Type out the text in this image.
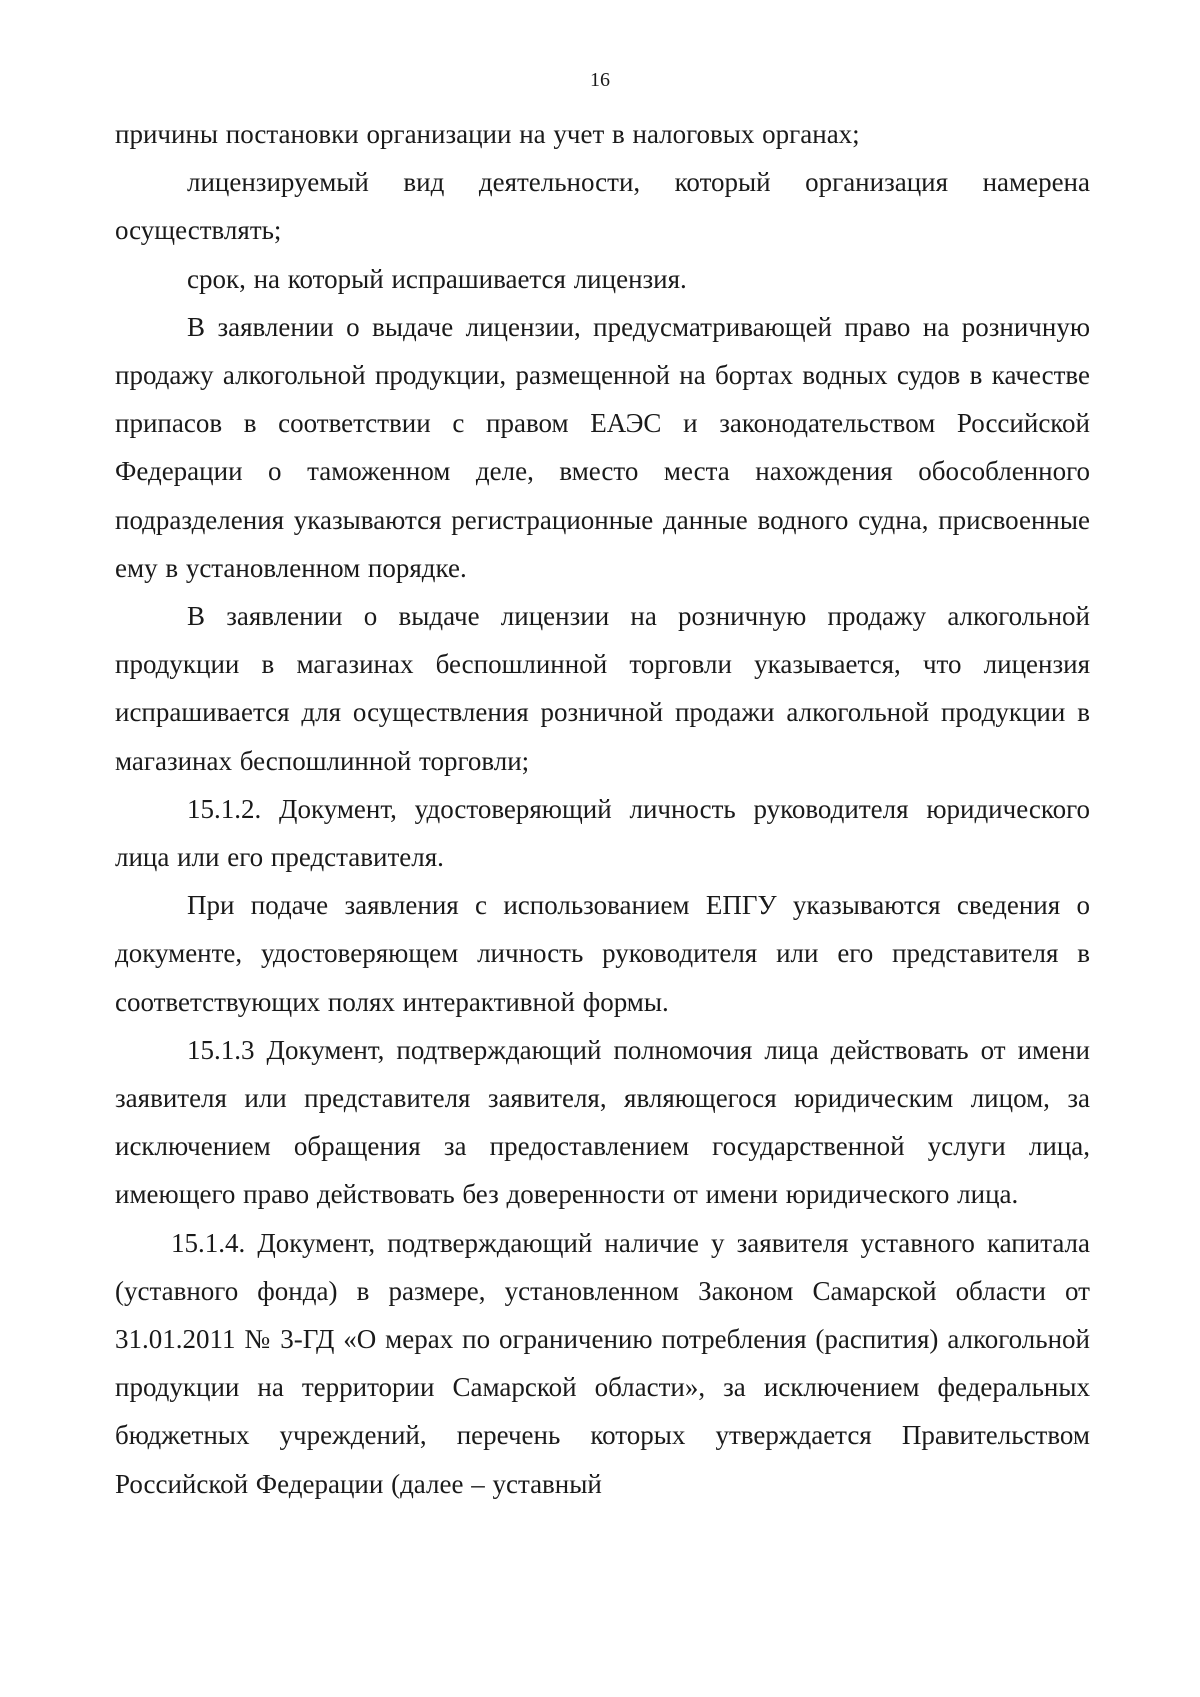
16

причины постановки организации на учет в налоговых органах;

лицензируемый вид деятельности, который организация намерена осуществлять;

срок, на который испрашивается лицензия.

В заявлении о выдаче лицензии, предусматривающей право на розничную продажу алкогольной продукции, размещенной на бортах водных судов в качестве припасов в соответствии с правом ЕАЭС и законодательством Российской Федерации о таможенном деле, вместо места нахождения обособленного подразделения указываются регистрационные данные водного судна, присвоенные ему в установленном порядке.

В заявлении о выдаче лицензии на розничную продажу алкогольной продукции в магазинах беспошлинной торговли указывается, что лицензия испрашивается для осуществления розничной продажи алкогольной продукции в магазинах беспошлинной торговли;

15.1.2. Документ, удостоверяющий личность руководителя юридического лица или его представителя.

При подаче заявления с использованием ЕПГУ указываются сведения о документе, удостоверяющем личность руководителя или его представителя в соответствующих полях интерактивной формы.

15.1.3 Документ, подтверждающий полномочия лица действовать от имени заявителя или представителя заявителя, являющегося юридическим лицом, за исключением обращения за предоставлением государственной услуги лица, имеющего право действовать без доверенности от имени юридического лица.

15.1.4. Документ, подтверждающий наличие у заявителя уставного капитала (уставного фонда) в размере, установленном Законом Самарской области от 31.01.2011 № 3-ГД «О мерах по ограничению потребления (распития) алкогольной продукции на территории Самарской области», за исключением федеральных бюджетных учреждений, перечень которых утверждается Правительством Российской Федерации (далее – уставный
